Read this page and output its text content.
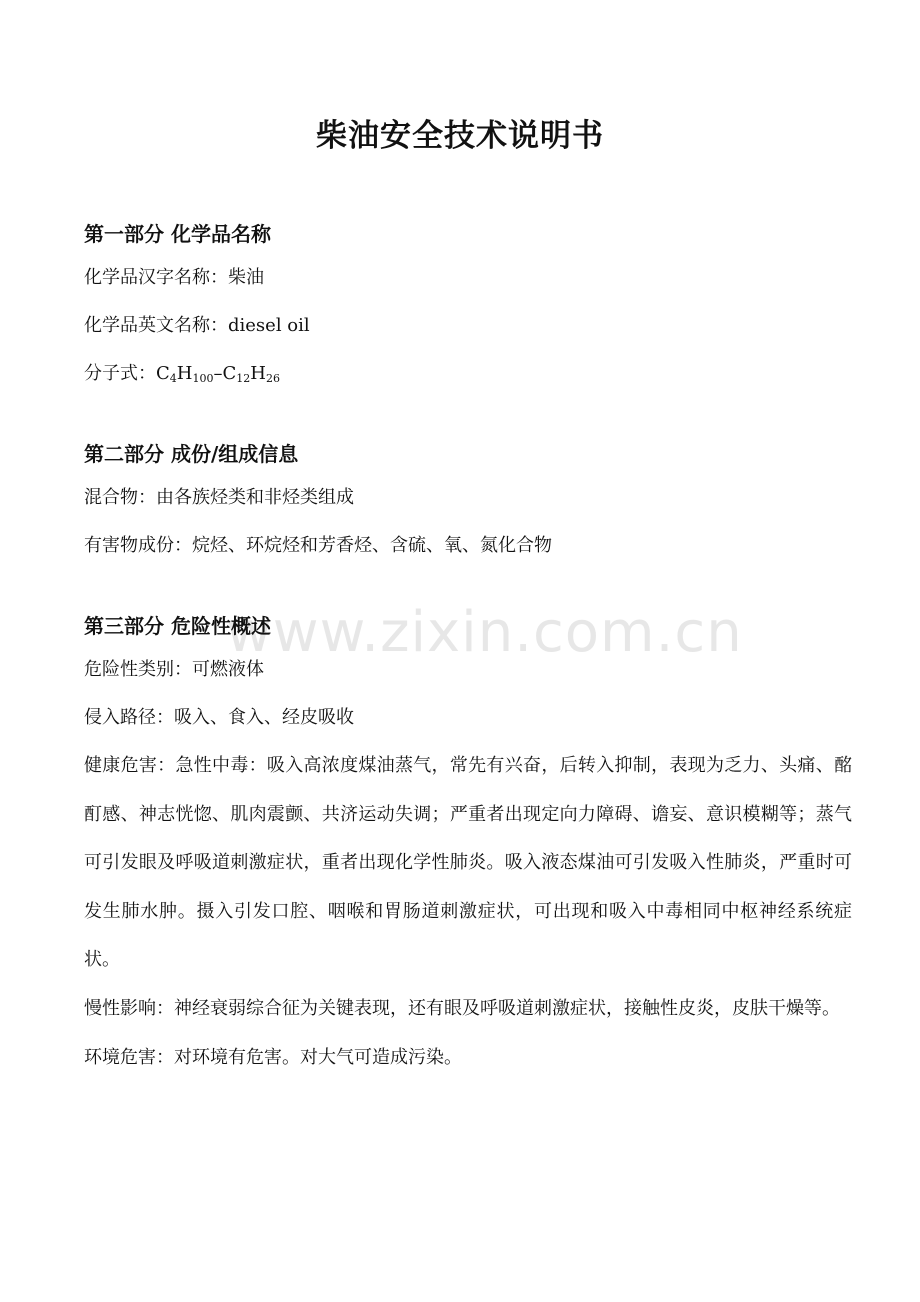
柴油安全技术说明书
www.zixin.com.cn
第一部分 化学品名称
化学品汉字名称：柴油
化学品英文名称：diesel oil
分子式：$C_4H_{100}-C_{12}H_{26}$
第二部分 成份/组成信息
混合物：由各族烃类和非烃类组成
有害物成份：烷烃、环烷烃和芳香烃、含硫、氧、氮化合物
第三部分 危险性概述
危险性类别：可燃液体
侵入路径：吸入、食入、经皮吸收

健康危害：急性中毒：吸入高浓度煤油蒸气，常先有兴奋，后转入抑制，表现为乏力、头痛、酩酊感、神志恍惚、肌肉震颤、共济运动失调；严重者出现定向力障碍、谵妄、意识模糊等；蒸气可引发眼及呼吸道刺激症状，重者出现化学性肺炎。吸入液态煤油可引发吸入性肺炎，严重时可发生肺水肿。摄入引发口腔、咽喉和胃肠道刺激症状，可出现和吸入中毒相同中枢神经系统症状。

慢性影响：神经衰弱综合征为关键表现，还有眼及呼吸道刺激症状，接触性皮炎，皮肤干燥等。

环境危害：对环境有危害。对大气可造成污染。
